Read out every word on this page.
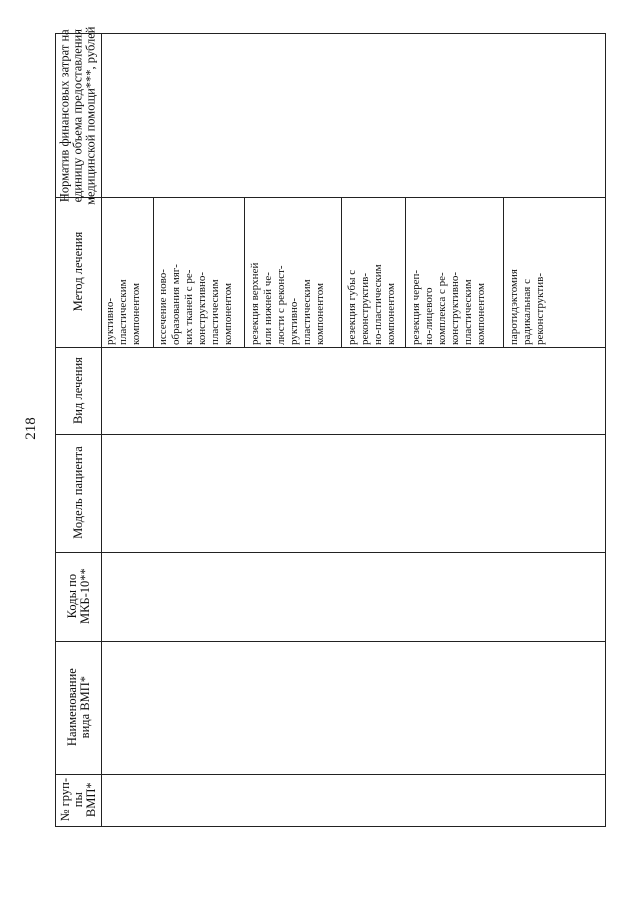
218
Норматив финансовых затрат на единицу объема предоставления медицинской помощи***, рублей
Метод лечения
Вид лечения
Модель пациента
Коды по МКБ-10**
Наименование вида ВМП*
№ груп- пы ВМП*
руктивно- пластическим компонентом иссечение ново- образования мяг- ких тканей с ре- конструктивно- пластическим компонентом резекция верхней или нижней че- люсти с реконст- руктивно- пластическим компонентом резекция губы с реконструктив- но-пластическим компонентом резекция череп- но-лицевого комплекса с ре- конструктивно- пластическим компонентом паротидэктомия радикальная с реконструктив-
